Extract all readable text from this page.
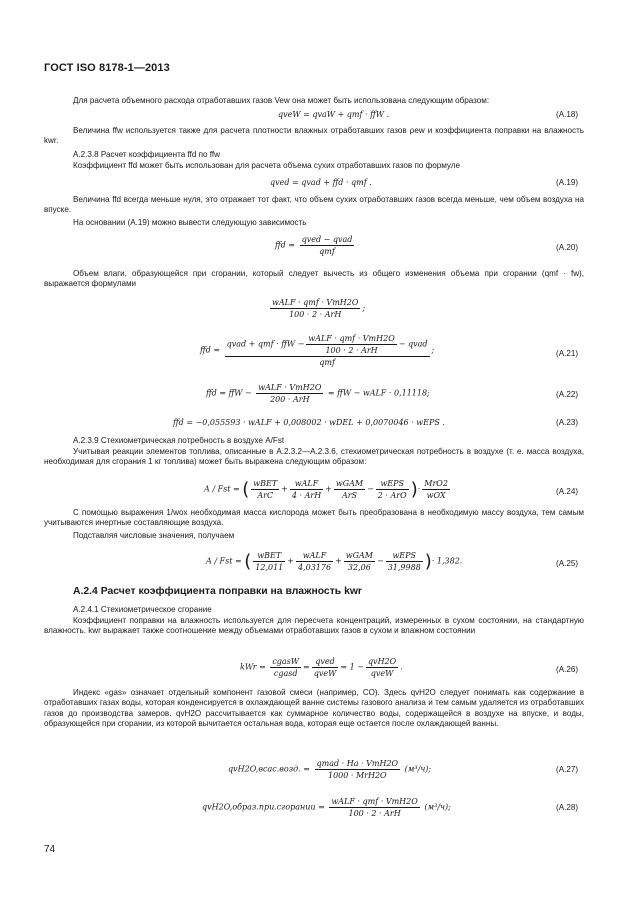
ГОСТ ISO 8178-1—2013
Для расчета объемного расхода отработавших газов Vew она может быть использована следующим образом:
qveW = qvaW + qmf · ffW .	(А.18)
Величина ffw используется также для расчета плотности влажных отработавших газов ρew и коэффициента поправки на влажность kwr.
А.2.3.8 Расчет коэффициента ffd по ffw
Коэффициент ffd может быть использован для расчета объема сухих отработавших газов по формуле
qved = qvad + ffd · qmf .	(А.19)
Величина ffd всегда меньше нуля, это отражает тот факт, что объем сухих отработавших газов всегда меньше, чем объем воздуха на впуске.
На основании (А.19) можно вывести следующую зависимость
ffd = $\frac{\text{qved − qvad}}{\text{qmf}}$	(А.20)
Объем влаги, образующейся при сгорании, который следует вычесть из общего изменения объема при сгорании (qmf · fw), выражается формулами
$\frac{\text{wALF · qmf · VmH2O}}{\text{100 · 2 · ArH}}$ ;
ffd = $\frac{qvad + qmf \cdot ffW - \frac{\text{wALF · qmf · VmH2O}}{\text{100 · 2 · ArH}} - qvad}{\text{qmf}}$ ;	(А.21)
ffd = ffW − $\frac{\text{wALF · VmH2O}}{\text{200 · ArH}}$ = ffW − wALF · 0,11118;	(А.22)
ffd = −0,055593 · wALF + 0,008002 · wDEL + 0,0070046 · wEPS .	(А.23)
А.2.3.9 Стехиометрическая потребность в воздухе A/Fst
Учитывая реакции элементов топлива, описанные в А.2.3.2—А.2.3.6, стехиометрическая потребность в воздухе (т. е. масса воздуха, необходимая для сгорания 1 кг топлива) может быть выражена следующим образом:
A / Fst = ( $\frac{\text{wBET}}{\text{ArC}} + \frac{\text{wALF}}{\text{4 · ArH}} + \frac{\text{wGAM}}{\text{ArS}} - \frac{\text{wEPS}}{\text{2 · ArO}}$ )· $\frac{\text{MrO2}}{\text{wOX}}$	(А.24)
С помощью выражения 1/wox необходимая масса кислорода может быть преобразована в необходимую массу воздуха, тем самым учитываются инертные составляющие воздуха.
Подставляя числовые значения, получаем
A / Fst = ( $\frac{\text{wBET}}{12,011} + \frac{\text{wALF}}{4,03176} + \frac{\text{wGAM}}{32,06} - \frac{\text{wEPS}}{31,9988}$ )· 1,382.	(А.25)
А.2.4 Расчет коэффициента поправки на влажность kwr
А.2.4.1 Стехиометрическое сгорание
Коэффициент поправки на влажность используется для пересчета концентраций, измеренных в сухом состоянии, на стандартную влажность. kwr выражает также соотношение между объемами отработавших газов в сухом и влажном состоянии
kWr = $\frac{\text{cgasW}}{\text{cgasd}} = \frac{\text{qved}}{\text{qveW}} = 1 - \frac{\text{qvH2O}}{\text{qveW}}$ .	(А.26)
Индекс «gas» означает отдельный компонент газовой смеси (например, СО). Здесь qvH2O следует понимать как содержание в отработавших газах воды, которая конденсируется в охлаждающей ванне системы газового анализа и тем самым удаляется из отработавших газов до производства замеров. qvH2O рассчитывается как суммарное количество воды, содержащейся в воздухе на впуске, и воды, образующейся при сгорании, из которой вычитается остальная вода, которая еще остается после охлаждающей ванны.
qvH2O,всас.возд. = $\frac{\text{qmad · Ha · VmH2O}}{\text{1000 · MrH2O}} (м^3/ч)$;	(А.27)
qvH2O,образ.при.сгорании = $\frac{\text{wALF · qmf · VmH2O}}{\text{100 · 2 · ArH}} (м^3/ч)$;	(А.28)
74
